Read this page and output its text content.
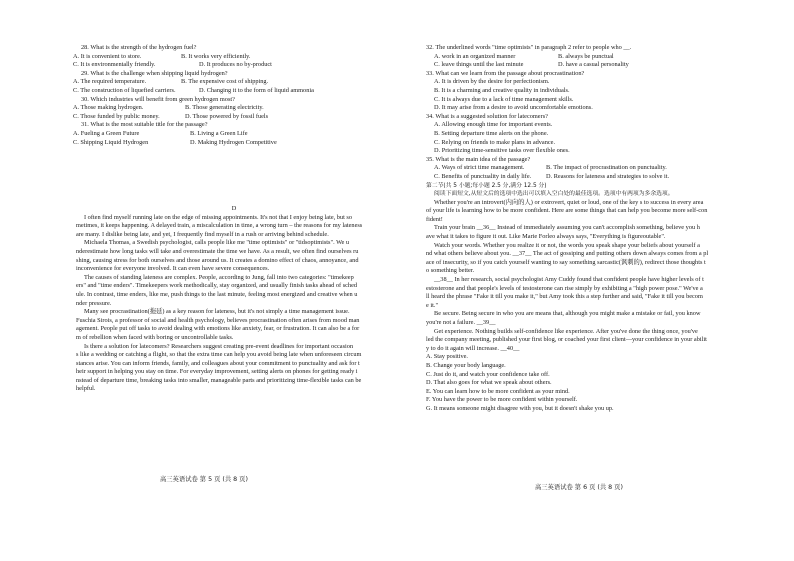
28. What is the strength of the hydrogen fuel?
A. It is convenient to store.	B. It works very efficiently.
C. It is environmentally friendly.	D. It produces no by-product
29. What is the challenge when shipping liquid hydrogen?
A. The required temperature.	B. The expensive cost of shipping.
C. The construction of liquefied carriers.	D. Changing it to the form of liquid ammonia
30. Which industries will benefit from green hydrogen most?
A. Those making hydrogen.	B. Those generating electricity.
C. Those funded by public money.	D. Those powered by fossil fuels
31. What is the most suitable title for the passage?
A. Fueling a Green Future	B. Living a Green Life
C. Shipping Liquid Hydrogen	D. Making Hydrogen Competitive
D
I often find myself running late on the edge of missing appointments. It's not that I enjoy being late, but so
metimes, it keeps happening. A delayed train, a miscalculation in time, a wrong turn – the reasons for my lateness
are many. I dislike being late, and yet, I frequently find myself in a rush or arriving behind schedule.
Michaela Thomas, a Swedish psychologist, calls people like me "time optimists" or "tidsoptimists". We u
nderestimate how long tasks will take and overestimate the time we have. As a result, we often find ourselves ru
shing, causing stress for both ourselves and those around us. It creates a domino effect of chaos, annoyance, and
inconvenience for everyone involved. It can even have severe consequences.
The causes of standing lateness are complex. People, according to Jung, fall into two categories: "timekeep
ers" and "time enders". Timekeepers work methodically, stay organized, and usually finish tasks ahead of sched
ule. In contrast, time enders, like me, push things to the last minute, feeling most energized and creative when u
nder pressure.
Many see procrastination(拖延) as a key reason for lateness, but it's not simply a time management issue.
Fuschia Sirois, a professor of social and health psychology, believes procrastination often arises from mood man
agement. People put off tasks to avoid dealing with emotions like anxiety, fear, or frustration. It can also be a for
m of rebellion when faced with boring or uncontrollable tasks.
Is there a solution for latecomers? Researchers suggest creating pre-event deadlines for important occasion
s like a wedding or catching a flight, so that the extra time can help you avoid being late when unforeseen circum
stances arise. You can inform friends, family, and colleagues about your commitment to punctuality and ask for t
heir support in helping you stay on time. For everyday improvement, setting alerts on phones for getting ready i
nstead of departure time, breaking tasks into smaller, manageable parts and prioritizing time-flexible tasks can be
helpful.
高三英语试卷 第 5 页 (共 8 页)
32. The underlined words "time optimists" in paragraph 2 refer to people who __.
A. work in an organized manner	B. always be punctual
C. leave things until the last minute	D. have a casual personality
33. What can we learn from the passage about procrastination?
A. It is driven by the desire for perfectionism.
B. It is a charming and creative quality in individuals.
C. It is always due to a lack of time management skills.
D. It may arise from a desire to avoid uncomfortable emotions.
34. What is a suggested solution for latecomers?
A. Allowing enough time for important events.
B. Setting departure time alerts on the phone.
C. Relying on friends to make plans in advance.
D. Prioritizing time-sensitive tasks over flexible ones.
35. What is the main idea of the passage?
A. Ways of strict time management.	B. The impact of procrastination on punctuality.
C. Benefits of punctuality in daily life.	D. Reasons for lateness and strategies to solve it.
第二节(共 5 小题;每小题 2.5 分,满分 12.5 分)
阅读下面短文,从短文后的选项中选出可以填入空白处的最佳选项。选项中有两项为多余选项。
Whether you're an introvert(内向的人) or extrovert, quiet or loud, one of the key s to success in every area
of your life is learning how to be more confident. Here are some things that can help you become more self-con
fident!
Train your brain __36__ Instead of immediately assuming you can't accomplish something, believe you h
ave what it takes to figure it out. Like Marie Forleo always says, "Everything is figureoutable".
Watch your words. Whether you realize it or not, the words you speak shape your beliefs about yourself a
nd what others believe about you. __37__ The act of gossiping and putting others down always comes from a pl
ace of insecurity, so if you catch yourself wanting to say something sarcastic(讽刺的), redirect those thoughts t
o something better.
__38__ In her research, social psychologist Amy Cuddy found that confident people have higher levels of t
estosterone and that people's levels of testosterone can rise simply by exhibiting a "high power pose." We've a
ll heard the phrase "Fake it till you make it," but Amy took this a step further and said, "Fake it till you becom
e it."
Be secure. Being secure in who you are means that, although you might make a mistake or fail, you know
you're not a failure. __39__
Get experience. Nothing builds self-confidence like experience. After you've done the thing once, you've
led the company meeting, published your first blog, or coached your first client—your confidence in your abilit
y to do it again will increase. __40__
A. Stay positive.
B. Change your body language.
C. Just do it, and watch your confidence take off.
D. That also goes for what we speak about others.
E. You can learn how to be more confident as your mind.
F. You have the power to be more confident within yourself.
G. It means someone might disagree with you, but it doesn't shake you up.
高三英语试卷 第 6 页 (共 8 页)
